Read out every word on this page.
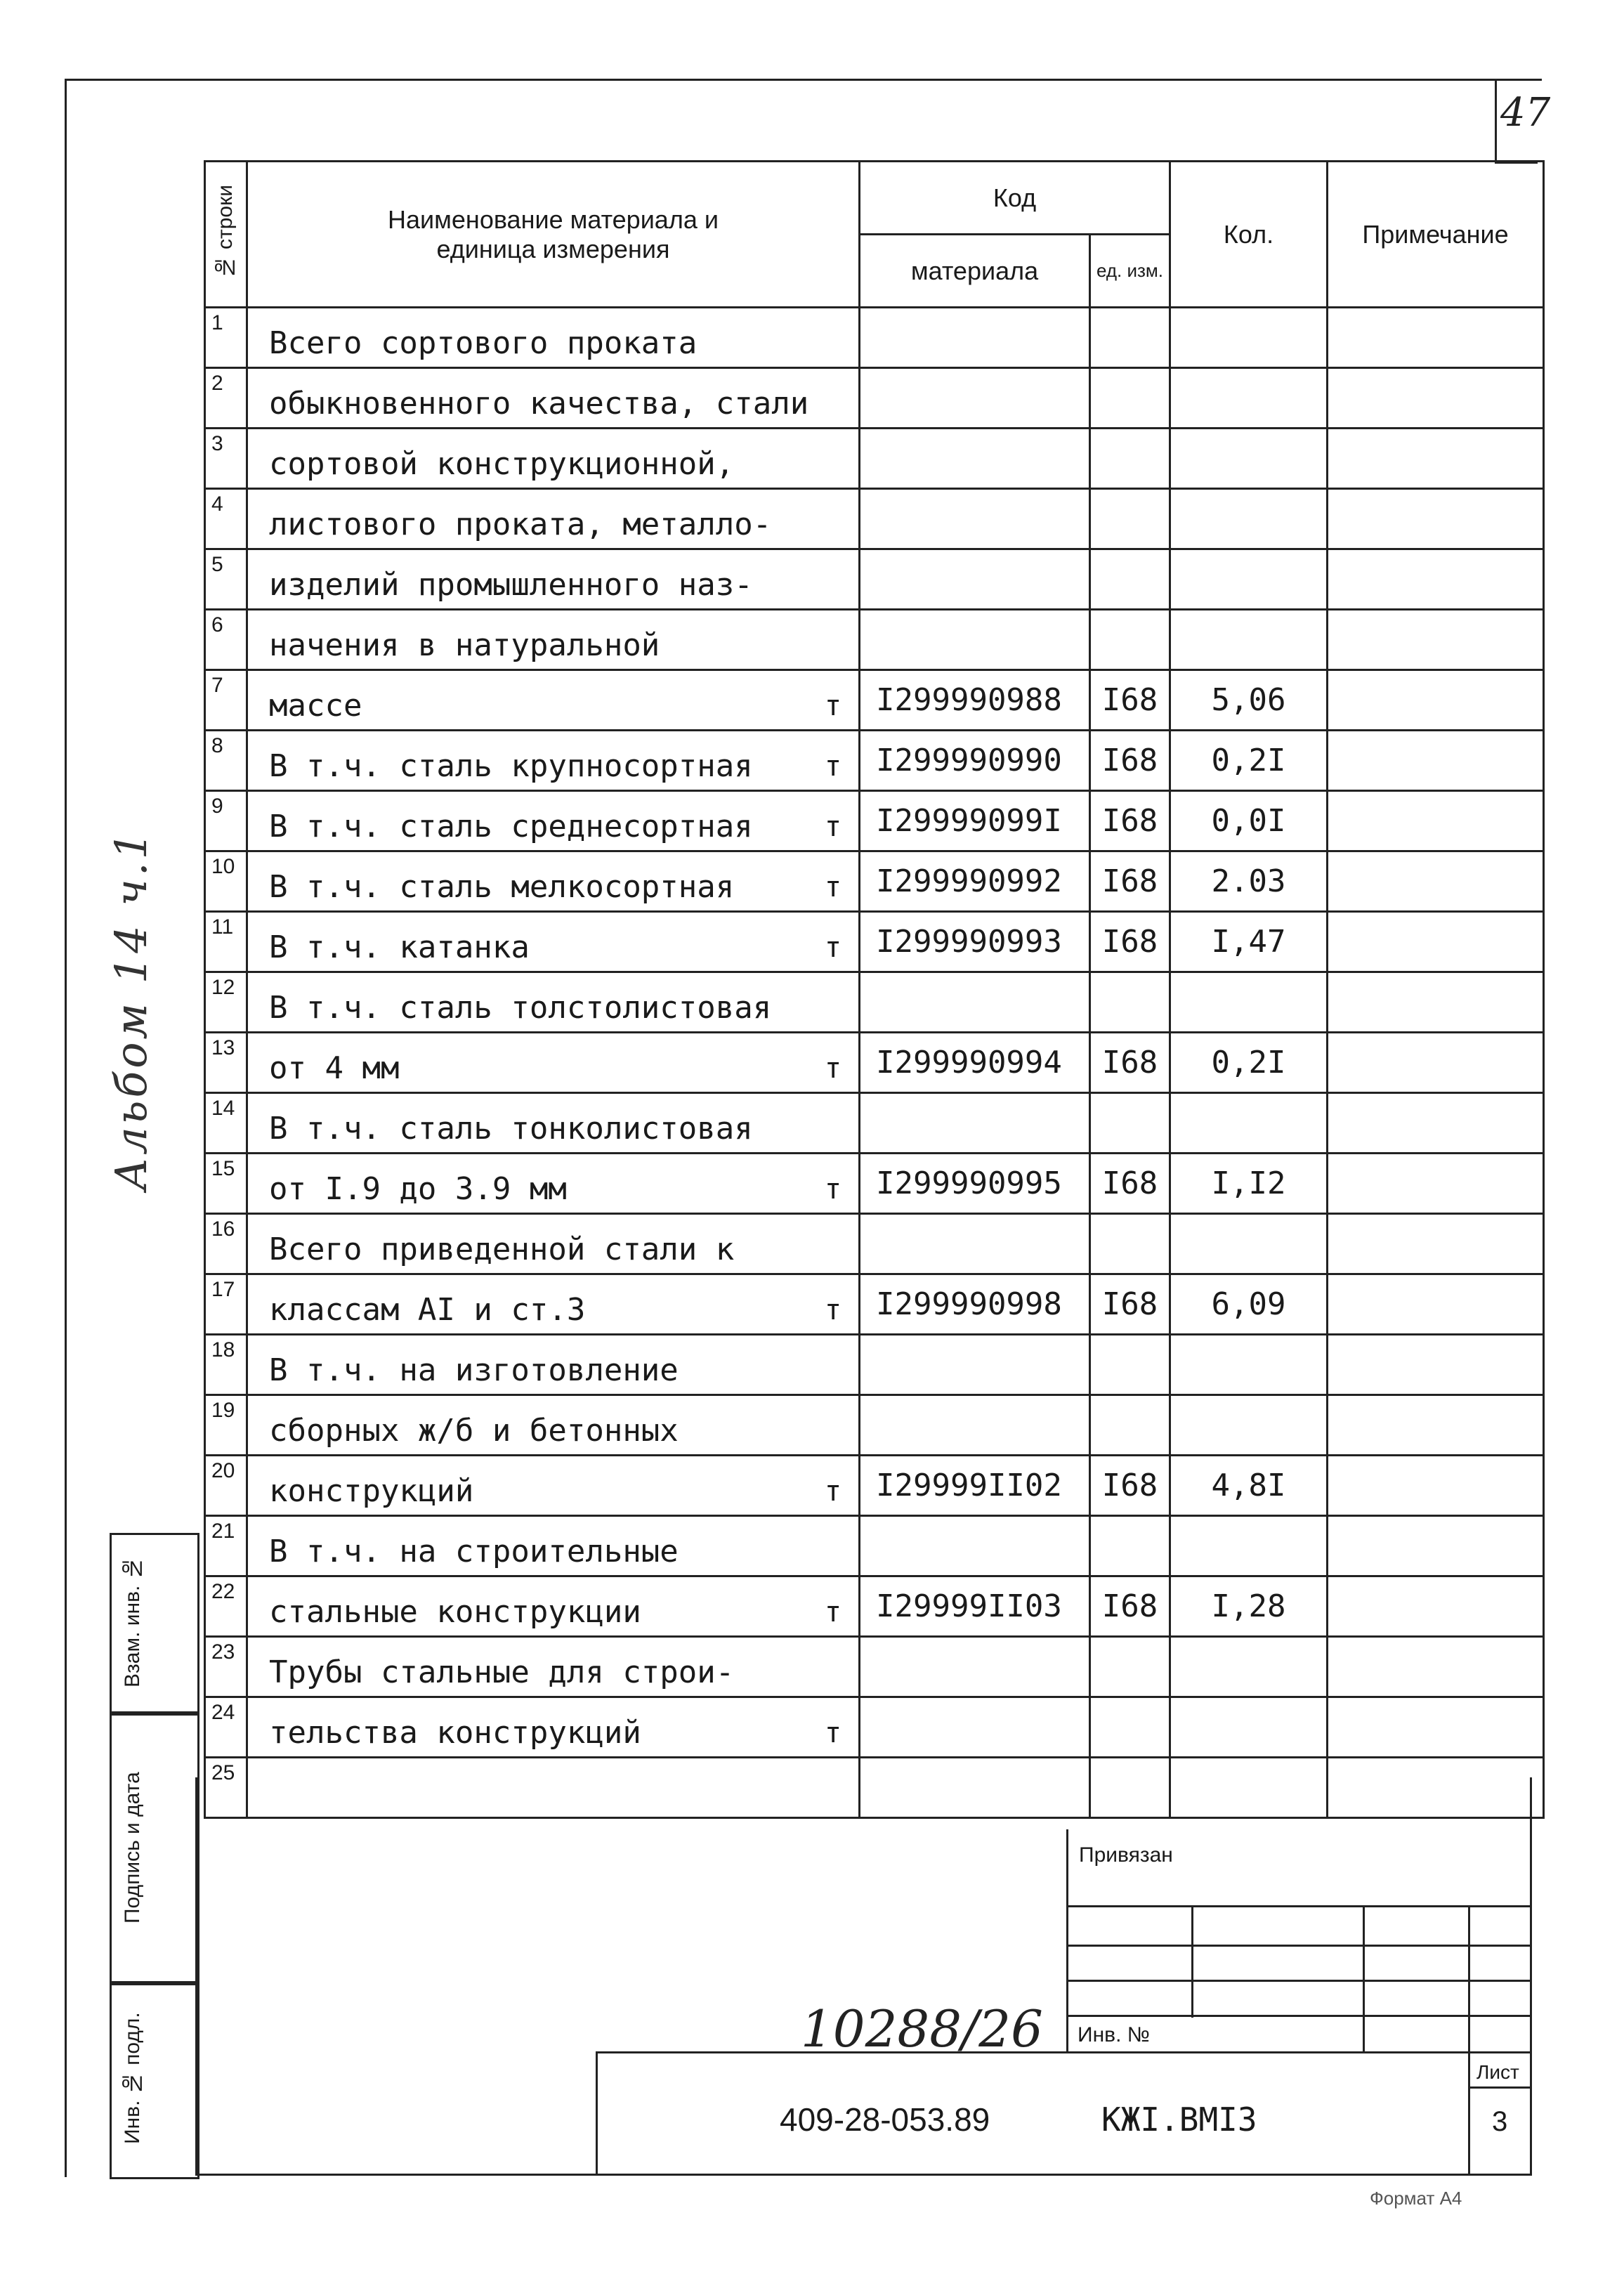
47
№ строки	Наименование материала и единица измерения	Код		Кол.	Примечание
		материала	ед. изм.		
1	Всего сортового проката				

2	обыкновенного качества, стали				

3	сортовой конструкционной,				

4	листового проката, металло-				

5	изделий промышленного наз-				

6	начения в натуральной				

7	массе т	I299990988	I68	5,06	
8	В т.ч. сталь крупносортная т	I299990990	I68	0,2I	
9	В т.ч. сталь среднесортная т	I29999099I	I68	0,0I	
10	В т.ч. сталь мелкосортная т	I299990992	I68	2.03	
11	В т.ч. катанка т	I299990993	I68	I,47	
12	В т.ч. сталь толстолистовая				

13	от 4 мм т	I299990994	I68	0,2I	
14	В т.ч. сталь тонколистовая				

15	от I.9 до 3.9 мм т	I299990995	I68	I,I2	
16	Всего приведенной стали к				

17	классам AI и ст.3 т	I299990998	I68	6,09	
18	В т.ч. на изготовление				

19	сборных ж/б и бетонных				

20	конструкций т	I29999II02	I68	4,8I	
21	В т.ч. на строительные				

22	стальные конструкции т	I29999II03	I68	I,28	
23	Трубы стальные для строи-				

24	тельства конструкций т				

25	

Альбом 14 ч.1
Взам. инв. №
Подпись и дата
Инв. № подл.
Привязан
Инв. №
Лист
3
409-28-053.89	КЖI.ВМI3
10288/26
Формат А4
